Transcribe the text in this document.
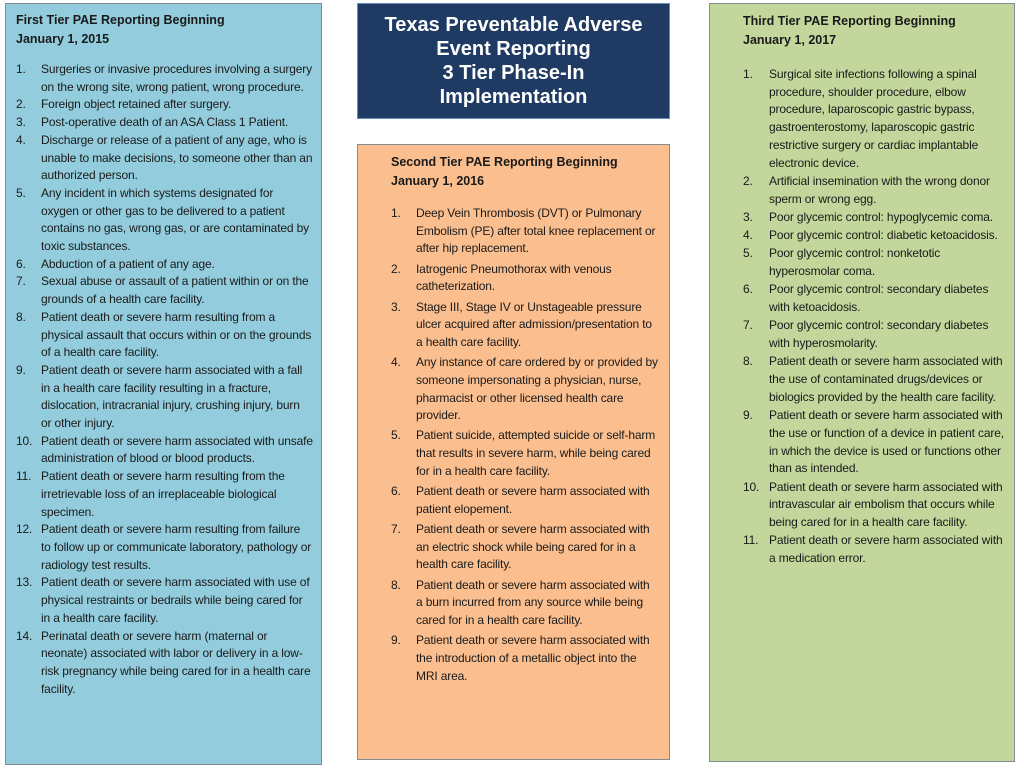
First Tier PAE Reporting Beginning
January 1, 2015
1. Surgeries or invasive procedures involving a surgery on the wrong site, wrong patient, wrong procedure.
2. Foreign object retained after surgery.
3. Post-operative death of an ASA Class 1 Patient.
4. Discharge or release of a patient of any age, who is unable to make decisions, to someone other than an authorized person.
5. Any incident in which systems designated for oxygen or other gas to be delivered to a patient contains no gas, wrong gas, or are contaminated by toxic substances.
6. Abduction of a patient of any age.
7. Sexual abuse or assault of a patient within or on the grounds of a health care facility.
8. Patient death or severe harm resulting from a physical assault that occurs within or on the grounds of a health care facility.
9. Patient death or severe harm associated with a fall in a health care facility resulting in a fracture, dislocation, intracranial injury, crushing injury, burn or other injury.
10. Patient death or severe harm associated with unsafe administration of blood or blood products.
11. Patient death or severe harm resulting from the irretrievable loss of an irreplaceable biological specimen.
12. Patient death or severe harm resulting from failure to follow up or communicate laboratory, pathology or radiology test results.
13. Patient death or severe harm associated with use of physical restraints or bedrails while being cared for in a health care facility.
14. Perinatal death or severe harm (maternal or neonate) associated with labor or delivery in a low-risk pregnancy while being cared for in a health care facility.
Texas Preventable Adverse
Event Reporting
3 Tier Phase-In
Implementation
Second Tier PAE Reporting Beginning
January 1, 2016
1. Deep Vein Thrombosis (DVT) or Pulmonary Embolism (PE) after total knee replacement or after hip replacement.
2. Iatrogenic Pneumothorax with venous catheterization.
3. Stage III, Stage IV or Unstageable pressure ulcer acquired after admission/presentation to a health care facility.
4. Any instance of care ordered by or provided by someone impersonating a physician, nurse, pharmacist or other licensed health care provider.
5. Patient suicide, attempted suicide or self-harm that results in severe harm, while being cared for in a health care facility.
6. Patient death or severe harm associated with patient elopement.
7. Patient death or severe harm associated with an electric shock while being cared for in a health care facility.
8. Patient death or severe harm associated with a burn incurred from any source while being cared for in a health care facility.
9. Patient death or severe harm associated with the introduction of a metallic object into the MRI area.
Third Tier PAE Reporting Beginning
January 1, 2017
1. Surgical site infections following a spinal procedure, shoulder procedure, elbow procedure, laparoscopic gastric bypass, gastroenterostomy, laparoscopic gastric restrictive surgery or cardiac implantable electronic device.
2. Artificial insemination with the wrong donor sperm or wrong egg.
3. Poor glycemic control: hypoglycemic coma.
4. Poor glycemic control: diabetic ketoacidosis.
5. Poor glycemic control: nonketotic hyperosmolar coma.
6. Poor glycemic control: secondary diabetes with ketoacidosis.
7. Poor glycemic control: secondary diabetes with hyperosmolarity.
8. Patient death or severe harm associated with the use of contaminated drugs/devices or biologics provided by the health care facility.
9. Patient death or severe harm associated with the use or function of a device in patient care, in which the device is used or functions other than as intended.
10. Patient death or severe harm associated with intravascular air embolism that occurs while being cared for in a health care facility.
11. Patient death or severe harm associated with a medication error.
